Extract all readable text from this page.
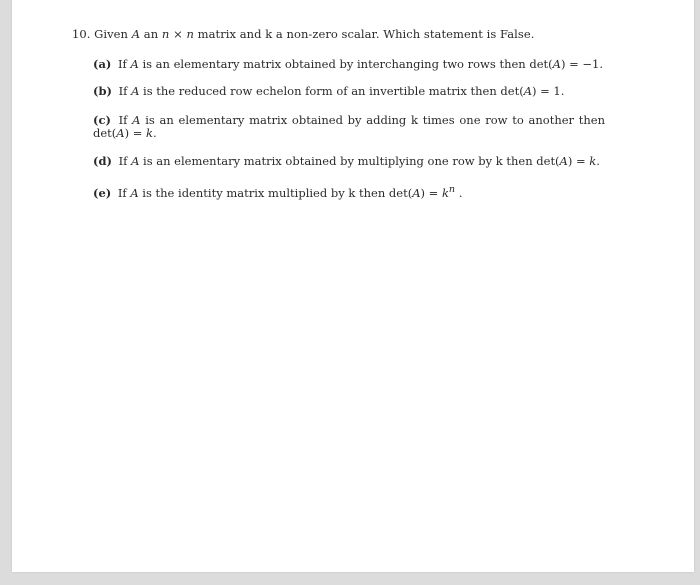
10. Given A an n × n matrix and k a non-zero scalar. Which statement is False.
(a) If A is an elementary matrix obtained by interchanging two rows then det(A) = −1.
(b) If A is the reduced row echelon form of an invertible matrix then det(A) = 1.
(c) If A is an elementary matrix obtained by adding k times one row to another then det(A) = k.
(d) If A is an elementary matrix obtained by multiplying one row by k then det(A) = k.
(e) If A is the identity matrix multiplied by k then $\det(A) = k^n$ .
